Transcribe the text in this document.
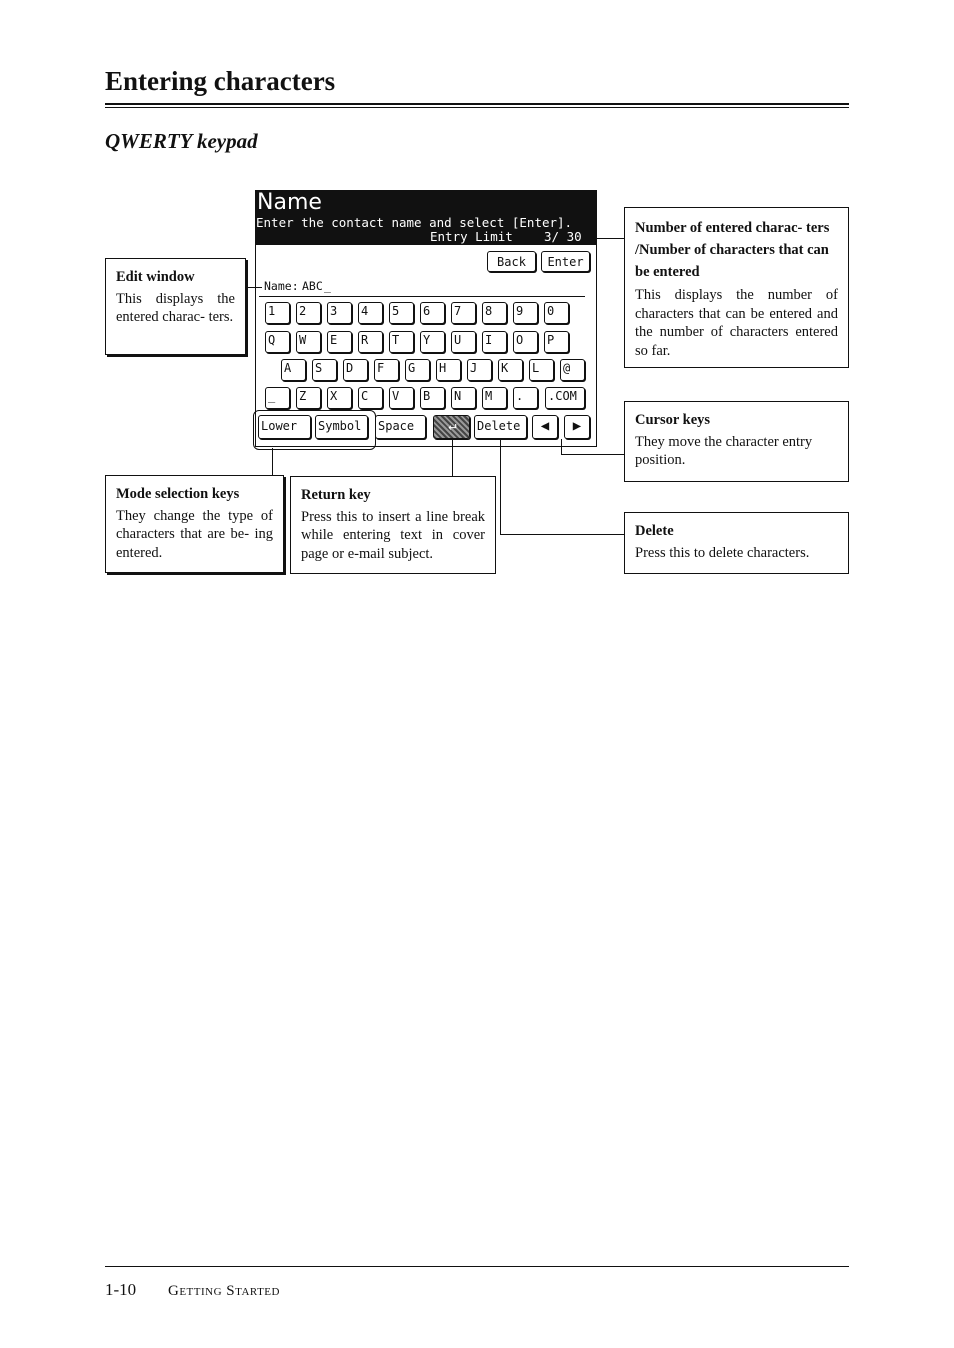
Entering characters
QWERTY keypad
Name
Enter the contact name and select [Enter].
Entry Limit 3/ 30
Back	Enter
Name: ABC _
1	2	3	4	5	6	7	8	9	0
Q	W	E	R	T	Y	U	I	O	P
A	S	D	F	G	H	J	K	L	@
_	Z	X	C	V	B	N	M	.	.COM
Lower	Symbol	Space	↵	Delete	◀	▶
Edit window
This displays the entered charac- ters.
Number of entered charac- ters /Number of characters that can be entered
This displays the number of characters that can be entered and the number of characters entered so far.
Cursor keys
They move the character entry position.
Mode selection keys
They change the type of characters that are be- ing entered.
Return key
Press this to insert a line break while entering text in cover page or e-mail subject.
Delete
Press this to delete characters.
1-10 Getting Started
